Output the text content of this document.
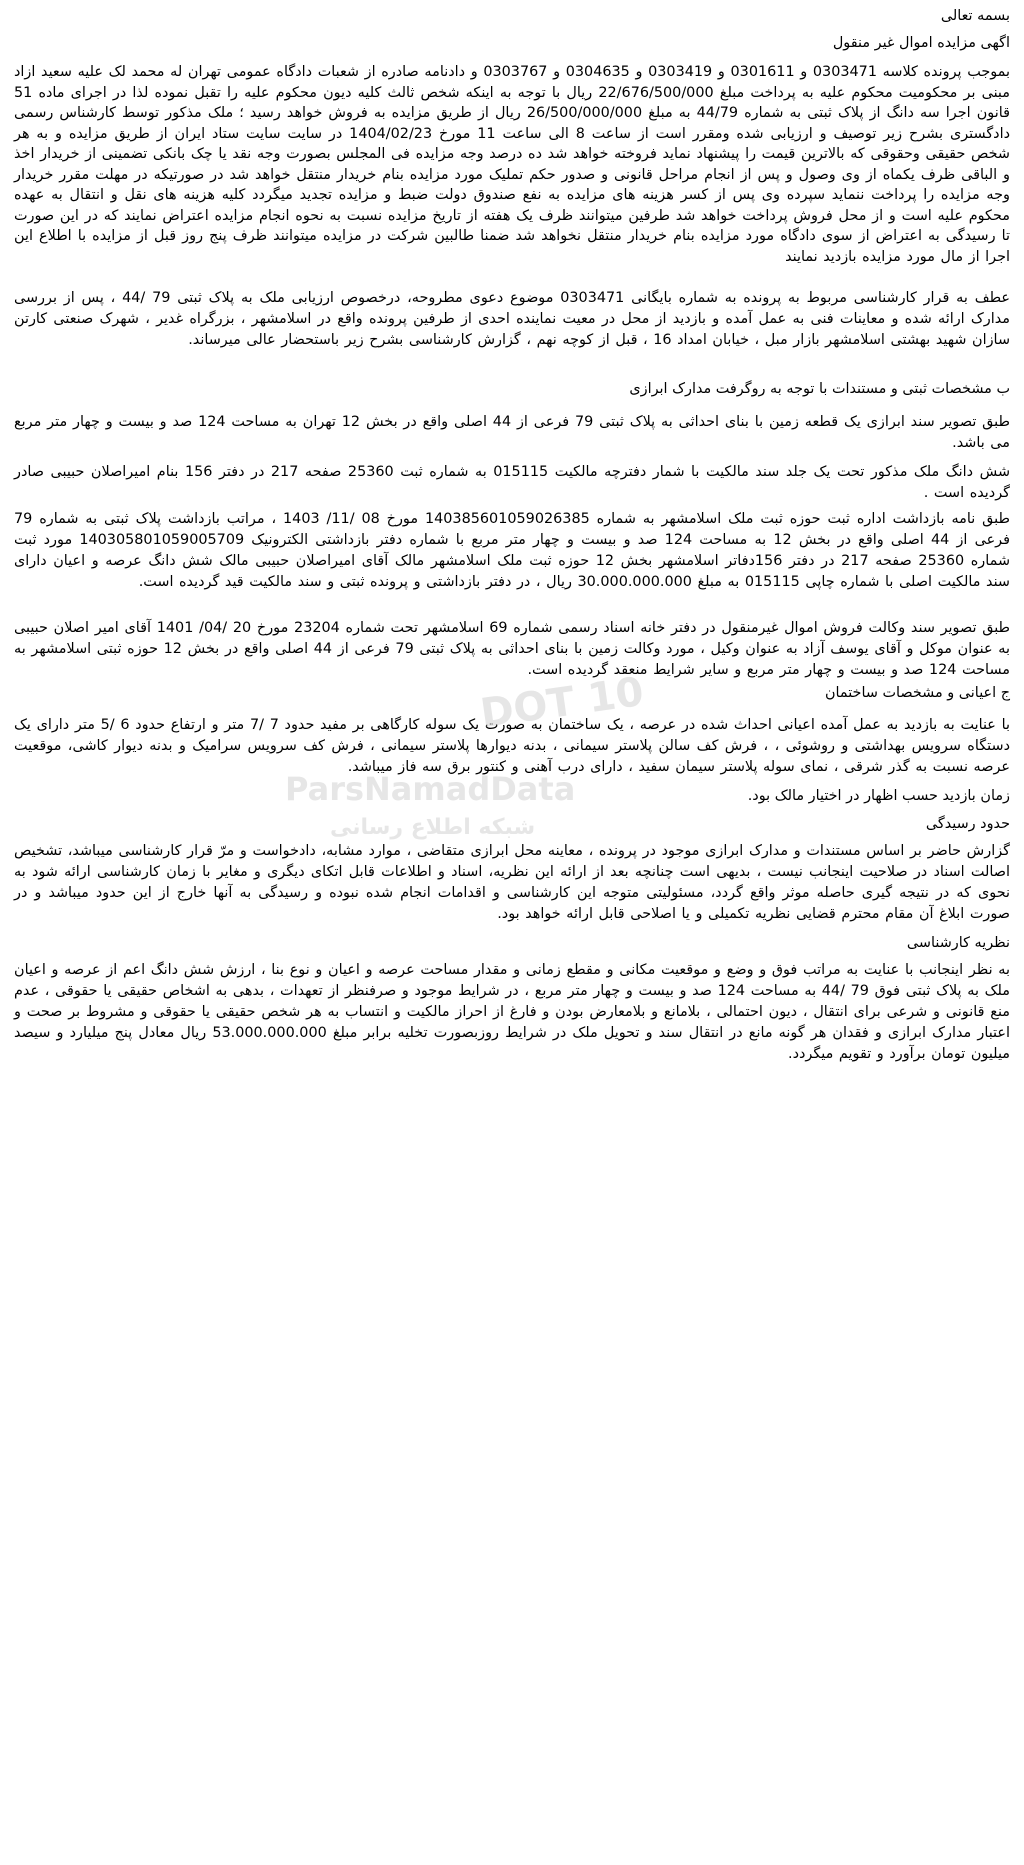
بسمه تعالی
اگهی مزایده اموال غیر منقول
بموجب پرونده کلاسه 0303471 و 0301611 و 0303419 و 0304635 و 0303767 و دادنامه صادره از شعبات دادگاه عمومی تهران له محمد لک علیه سعید ازاد مبنی بر محکومیت محکوم علیه به پرداخت مبلغ 22/676/500/000 ریال با توجه به اینکه شخص ثالث کلیه دیون محکوم علیه را تقبل نموده لذا در اجرای ماده 51 قانون اجرا سه دانگ از پلاک ثبتی به شماره 44/79 به مبلغ 26/500/000/000 ریال از طریق مزایده به فروش خواهد رسید ؛ ملک مذکور توسط کارشناس رسمی دادگستری بشرح زیر توصیف و ارزیابی شده ومقرر است از ساعت 8 الی ساعت 11 مورخ 1404/02/23 در سایت سایت ستاد ایران از طریق مزایده و به هر شخص حقیقی وحقوقی که بالاترین قیمت را پیشنهاد نماید فروخته خواهد شد ده درصد وجه مزایده فی المجلس بصورت وجه نقد یا چک بانکی تضمینی از خریدار اخذ و الباقی ظرف یکماه از وی وصول و پس از انجام مراحل قانونی و صدور حکم تملیک مورد مزایده بنام خریدار منتقل خواهد شد در صورتیکه در مهلت مقرر خریدار وجه مزایده را پرداخت ننماید سپرده وی پس از کسر هزینه های مزایده به نفع صندوق دولت ضبط و مزایده تجدید میگردد کلیه هزینه های نقل و انتقال به عهده محکوم علیه است و از محل فروش پرداخت خواهد شد طرفین میتوانند ظرف یک هفته از تاریخ مزایده نسبت به نحوه انجام مزایده اعتراض نمایند که در این صورت تا رسیدگی به اعتراض از سوی دادگاه مورد مزایده بنام خریدار منتقل نخواهد شد ضمنا طالبین شرکت در مزایده میتوانند ظرف پنج روز قبل از مزایده با اطلاع این اجرا از مال مورد مزایده بازدید نمایند
عطف به قرار کارشناسی مربوط به پرونده به شماره بایگانی 0303471 موضوع دعوی مطروحه، درخصوص ارزیابی ملک به پلاک ثبتی 79 /44 ، پس از بررسی مدارک ارائه شده و معاینات فنی به عمل آمده و بازدید از محل در معیت نماینده احدی از طرفین پرونده واقع در اسلامشهر ، بزرگراه غدیر ، شهرک صنعتی کارتن سازان شهید بهشتی اسلامشهر بازار مبل ، خیابان امداد 16 ، قبل از کوچه نهم ، گزارش کارشناسی بشرح زیر باستحضار عالی میرساند.
ب مشخصات ثبتی و مستندات با توجه به روگرفت مدارک ابرازی
طبق تصویر سند ابرازی یک قطعه زمین با بنای احداثی به پلاک ثبتی 79 فرعی از 44 اصلی واقع در بخش 12 تهران به مساحت 124 صد و بیست و چهار متر مربع می باشد.
شش دانگ ملک مذکور تحت یک جلد سند مالکیت با شمار دفترچه مالکیت 015115 به شماره ثبت 25360 صفحه 217 در دفتر 156 بنام امیراصلان حبیبی صادر گردیده است .
طبق نامه بازداشت اداره ثبت حوزه ثبت ملک اسلامشهر به شماره 140385601059026385 مورخ 08 /11/ 1403 ، مراتب بازداشت پلاک ثبتی به شماره 79 فرعی از 44 اصلی واقع در بخش 12 به مساحت 124 صد و بیست و چهار متر مربع با شماره دفتر بازداشتی الکترونیک 140305801059005709 مورد ثبت شماره 25360 صفحه 217 در دفتر 156دفاتر اسلامشهر بخش 12 حوزه ثبت ملک اسلامشهر مالک آقای امیراصلان حبیبی مالک شش دانگ عرصه و اعیان دارای سند مالکیت اصلی با شماره چاپی 015115 به مبلغ 30.000.000.000 ریال ، در دفتر بازداشتی و پرونده ثبتی و سند مالکیت قید گردیده است.
طبق تصویر سند وکالت فروش اموال غیرمنقول در دفتر خانه اسناد رسمی شماره 69 اسلامشهر تحت شماره 23204 مورخ 20 /04/ 1401 آقای امیر اصلان حبیبی به عنوان موکل و آقای یوسف آزاد به عنوان وکیل ، مورد وکالت زمین با بنای احداثی به پلاک ثبتی 79 فرعی از 44 اصلی واقع در بخش 12 حوزه ثبتی اسلامشهر به مساحت 124 صد و بیست و چهار متر مربع و سایر شرایط منعقد گردیده است.
ج اعیانی و مشخصات ساختمان
با عنایت به بازدید به عمل آمده اعیانی احداث شده در عرصه ، یک ساختمان به صورت یک سوله کارگاهی بر مفید حدود 7 /7 متر و ارتفاع حدود 6 /5 متر دارای یک دستگاه سرویس بهداشتی و روشوئی ، ، فرش کف سالن پلاستر سیمانی ، بدنه دیوارها پلاستر سیمانی ، فرش کف سرویس سرامیک و بدنه دیوار کاشی، موقعیت عرصه نسبت به گذر شرقی ، نمای سوله پلاستر سیمان سفید ، دارای درب آهنی و کنتور برق سه فاز میباشد.
زمان بازدید حسب اظهار در اختیار مالک بود.
حدود رسیدگی
گزارش حاضر بر اساس مستندات و مدارک ابرازی موجود در پرونده ، معاینه محل ابرازی متقاضی ، موارد مشابه، دادخواست و مرّ قرار کارشناسی میباشد، تشخیص اصالت اسناد در صلاحیت اینجانب نیست ، بدیهی است چنانچه بعد از ارائه این نظریه، اسناد و اطلاعات قابل اتکای دیگری و مغایر با زمان کارشناسی ارائه شود به نحوی که در نتیجه گیری حاصله موثر واقع گردد، مسئولیتی متوجه این کارشناسی و اقدامات انجام شده نبوده و رسیدگی به آنها خارج از این حدود میباشد و در صورت ابلاغ آن مقام محترم قضایی نظریه تکمیلی و یا اصلاحی قابل ارائه خواهد بود.
نظریه کارشناسی
به نظر اینجانب با عنایت به مراتب فوق و وضع و موقعیت مکانی و مقطع زمانی و مقدار مساحت عرصه و اعیان و نوع بنا ، ارزش شش دانگ اعم از عرصه و اعیان ملک به پلاک ثبتی فوق 79 /44 به مساحت 124 صد و بیست و چهار متر مربع ، در شرایط موجود و صرفنظر از تعهدات ، بدهی به اشخاص حقیقی یا حقوقی ، عدم منع قانونی و شرعی برای انتقال ، دیون احتمالی ، بلامانع و بلامعارض بودن و فارغ از احراز مالکیت و انتساب به هر شخص حقیقی یا حقوقی و مشروط بر صحت و اعتبار مدارک ابرازی و فقدان هر گونه مانع در انتقال سند و تحویل ملک در شرایط روزبصورت تخلیه برابر مبلغ 53.000.000.000 ریال معادل پنج میلیارد و سیصد میلیون تومان برآورد و تقویم میگردد.
DOT 10
ParsNamadData
شبکه اطلاع رسانی
